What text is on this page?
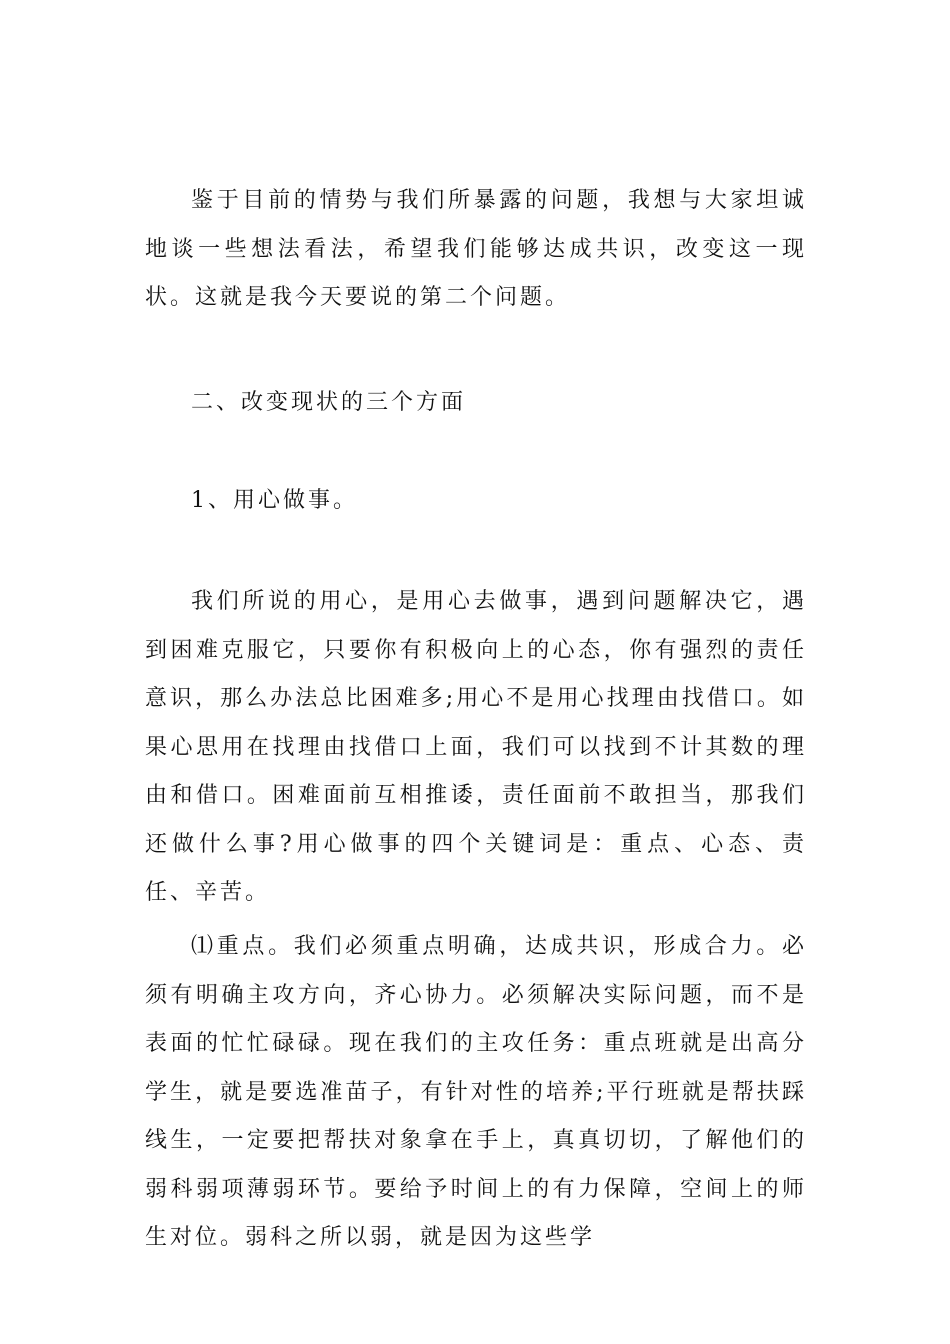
鉴于目前的情势与我们所暴露的问题，我想与大家坦诚地谈一些想法看法，希望我们能够达成共识，改变这一现状。这就是我今天要说的第二个问题。

二、改变现状的三个方面

1、用心做事。

我们所说的用心，是用心去做事，遇到问题解决它，遇到困难克服它，只要你有积极向上的心态，你有强烈的责任意识，那么办法总比困难多;用心不是用心找理由找借口。如果心思用在找理由找借口上面，我们可以找到不计其数的理由和借口。困难面前互相推诿，责任面前不敢担当，那我们还做什么事?用心做事的四个关键词是：重点、心态、责任、辛苦。

⑴重点。我们必须重点明确，达成共识，形成合力。必须有明确主攻方向，齐心协力。必须解决实际问题，而不是表面的忙忙碌碌。现在我们的主攻任务：重点班就是出高分学生，就是要选准苗子，有针对性的培养;平行班就是帮扶踩线生，一定要把帮扶对象拿在手上，真真切切，了解他们的弱科弱项薄弱环节。要给予时间上的有力保障，空间上的师生对位。弱科之所以弱，就是因为这些学
